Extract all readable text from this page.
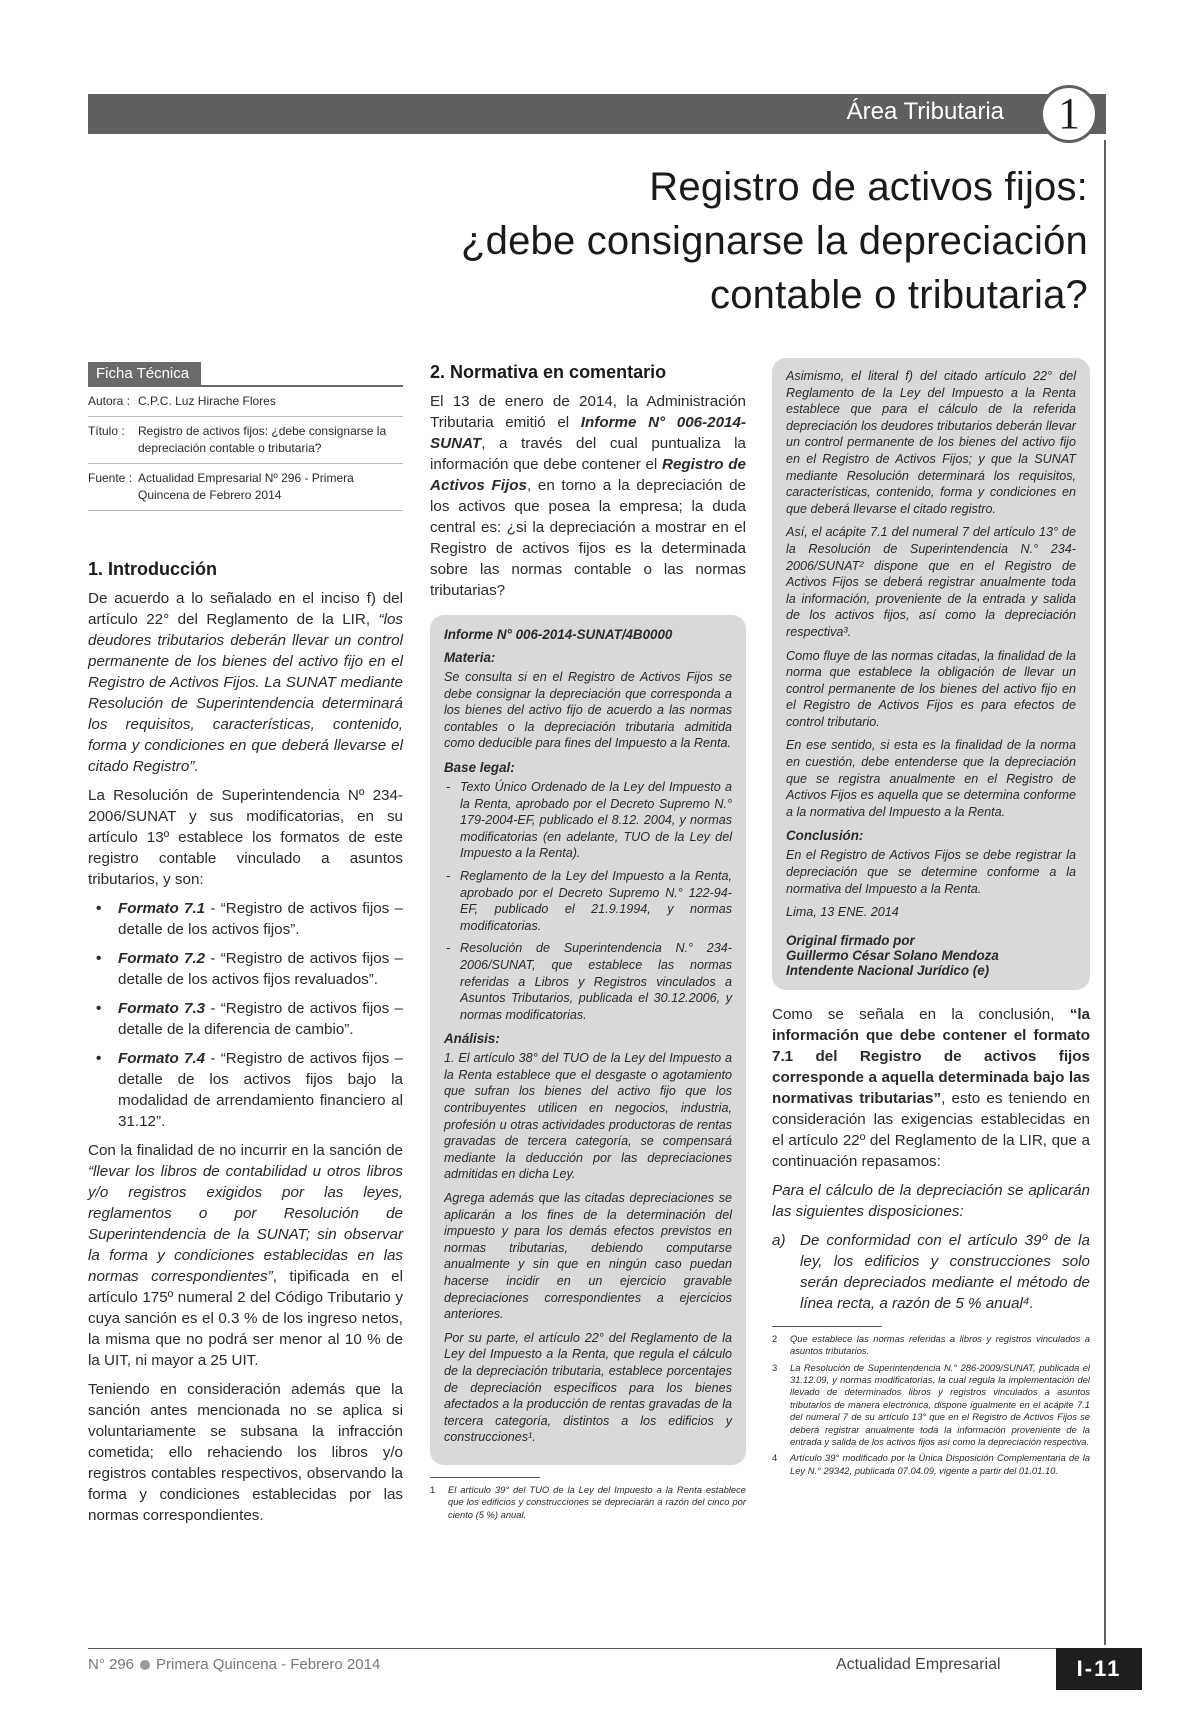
Área Tributaria	1
Registro de activos fijos:
¿debe consignarse la depreciación
contable o tributaria?
Ficha Técnica
Autora : C.P.C. Luz Hirache Flores
Título :	Registro de activos fijos: ¿debe consignarse la depreciación contable o tributaria?
Fuente : Actualidad Empresarial Nº 296 - Primera Quincena de Febrero 2014
1. Introducción

De acuerdo a lo señalado en el inciso f) del artículo 22° del Reglamento de la LIR, “los deudores tributarios deberán llevar un control permanente de los bienes del activo fijo en el Registro de Activos Fijos. La SUNAT mediante Resolución de Superintendencia determinará los requisitos, características, contenido, forma y condiciones en que deberá llevarse el citado Registro”.

La Resolución de Superintendencia Nº 234-2006/SUNAT y sus modificatorias, en su artículo 13º establece los formatos de este registro contable vinculado a asuntos tributarios, y son:

• Formato 7.1 - “Registro de activos fijos – detalle de los activos fijos”.
• Formato 7.2 - “Registro de activos fijos – detalle de los activos fijos revaluados”.
• Formato 7.3 - “Registro de activos fijos – detalle de la diferencia de cambio”.
• Formato 7.4 - “Registro de activos fijos – detalle de los activos fijos bajo la modalidad de arrendamiento financiero al 31.12”.

Con la finalidad de no incurrir en la sanción de “llevar los libros de contabilidad u otros libros y/o registros exigidos por las leyes, reglamentos o por Resolución de Superintendencia de la SUNAT; sin observar la forma y condiciones establecidas en las normas correspondientes”, tipificada en el artículo 175º numeral 2 del Código Tributario y cuya sanción es el 0.3 % de los ingreso netos, la misma que no podrá ser menor al 10 % de la UIT, ni mayor a 25 UIT.

Teniendo en consideración además que la sanción antes mencionada no se aplica si voluntariamente se subsana la infracción cometida; ello rehaciendo los libros y/o registros contables respectivos, observando la forma y condiciones establecidas por las normas correspondientes.

2. Normativa en comentario

El 13 de enero de 2014, la Administración Tributaria emitió el Informe N° 006-2014-SUNAT, a través del cual puntualiza la información que debe contener el Registro de Activos Fijos, en torno a la depreciación de los activos que posea la empresa; la duda central es: ¿si la depreciación a mostrar en el Registro de activos fijos es la determinada sobre las normas contable o las normas tributarias?

Informe N° 006-2014-SUNAT/4B0000
Materia:

Se consulta si en el Registro de Activos Fijos se debe consignar la depreciación que corresponda a los bienes del activo fijo de acuerdo a las normas contables o la depreciación tributaria admitida como deducible para fines del Impuesto a la Renta.

Base legal:
- Texto Único Ordenado de la Ley del Impuesto a la Renta, aprobado por el Decreto Supremo N.° 179-2004-EF, publicado el 8.12. 2004, y normas modificatorias (en adelante, TUO de la Ley del Impuesto a la Renta).
- Reglamento de la Ley del Impuesto a la Renta, aprobado por el Decreto Supremo N.° 122-94-EF, publicado el 21.9.1994, y normas modificatorias.
- Resolución de Superintendencia N.° 234-2006/SUNAT, que establece las normas referidas a Libros y Registros vinculados a Asuntos Tributarios, publicada el 30.12.2006, y normas modificatorias.
Análisis:

1. El artículo 38° del TUO de la Ley del Impuesto a la Renta establece que el desgaste o agotamiento que sufran los bienes del activo fijo que los contribuyentes utilicen en negocios, industria, profesión u otras actividades productoras de rentas gravadas de tercera categoría, se compensará mediante la deducción por las depreciaciones admitidas en dicha Ley.

Agrega además que las citadas depreciaciones se aplicarán a los fines de la determinación del impuesto y para los demás efectos previstos en normas tributarias, debiendo computarse anualmente y sin que en ningún caso puedan hacerse incidir en un ejercicio gravable depreciaciones correspondientes a ejercicios anteriores.

Por su parte, el artículo 22° del Reglamento de la Ley del Impuesto a la Renta, que regula el cálculo de la depreciación tributaria, establece porcentajes de depreciación específicos para los bienes afectados a la producción de rentas gravadas de la tercera categoría, distintos a los edificios y construcciones¹.

1	El artículo 39° del TUO de la Ley del Impuesto a la Renta establece que los edificios y construcciones se depreciarán a razón del cinco por ciento (5 %) anual.

Asimismo, el literal f) del citado artículo 22° del Reglamento de la Ley del Impuesto a la Renta establece que para el cálculo de la referida depreciación los deudores tributarios deberán llevar un control permanente de los bienes del activo fijo en el Registro de Activos Fijos; y que la SUNAT mediante Resolución determinará los requisitos, características, contenido, forma y condiciones en que deberá llevarse el citado registro.

Así, el acápite 7.1 del numeral 7 del artículo 13° de la Resolución de Superintendencia N.° 234-2006/SUNAT² dispone que en el Registro de Activos Fijos se deberá registrar anualmente toda la información, proveniente de la entrada y salida de los activos fijos, así como la depreciación respectiva³.

Como fluye de las normas citadas, la finalidad de la norma que establece la obligación de llevar un control permanente de los bienes del activo fijo en el Registro de Activos Fijos es para efectos de control tributario.

En ese sentido, si esta es la finalidad de la norma en cuestión, debe entenderse que la depreciación que se registra anualmente en el Registro de Activos Fijos es aquella que se determina conforme a la normativa del Impuesto a la Renta.

Conclusión:

En el Registro de Activos Fijos se debe registrar la depreciación que se determine conforme a la normativa del Impuesto a la Renta.

Lima, 13 ENE. 2014

Original firmado por
Guillermo César Solano Mendoza
Intendente Nacional Jurídico (e)

Como se señala en la conclusión, “la información que debe contener el formato 7.1 del Registro de activos fijos corresponde a aquella determinada bajo las normativas tributarias”, esto es teniendo en consideración las exigencias establecidas en el artículo 22º del Reglamento de la LIR, que a continuación repasamos:

Para el cálculo de la depreciación se aplicarán las siguientes disposiciones:

a) De conformidad con el artículo 39º de la ley, los edificios y construcciones solo serán depreciados mediante el método de línea recta, a razón de 5 % anual⁴.
2	Que establece las normas referidas a libros y registros vinculados a asuntos tributarios.
3	La Resolución de Superintendencia N.° 286-2009/SUNAT, publicada el 31.12.09, y normas modificatorias, la cual regula la implementación del llevado de determinados libros y registros vinculados a asuntos tributarios de manera electrónica, dispone igualmente en el acápite 7.1 del numeral 7 de su artículo 13° que en el Registro de Activos Fijos se deberá registrar anualmente toda la información proveniente de la entrada y salida de los activos fijos así como la depreciación respectiva.
4	Artículo 39° modificado por la Única Disposición Complementaria de la Ley N.° 29342, publicada 07.04.09, vigente a partir del 01.01.10.
N° 296 Primera Quincena - Febrero 2014	Actualidad Empresarial	I-11
